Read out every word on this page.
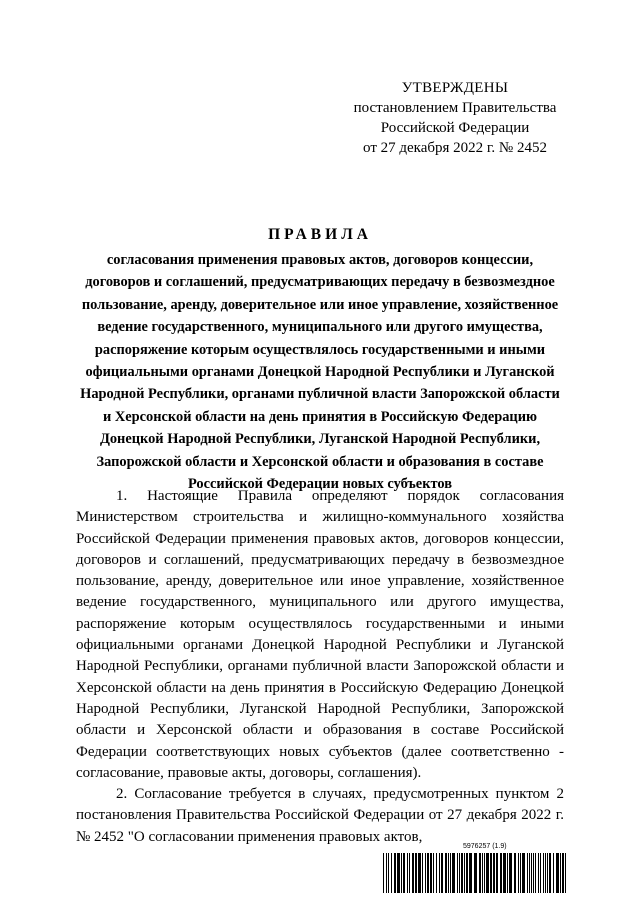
УТВЕРЖДЕНЫ
постановлением Правительства
Российской Федерации
от 27 декабря 2022 г. № 2452
ПРАВИЛА
согласования применения правовых актов, договоров концессии, договоров и соглашений, предусматривающих передачу в безвозмездное пользование, аренду, доверительное или иное управление, хозяйственное ведение государственного, муниципального или другого имущества, распоряжение которым осуществлялось государственными и иными официальными органами Донецкой Народной Республики и Луганской Народной Республики, органами публичной власти Запорожской области и Херсонской области на день принятия в Российскую Федерацию Донецкой Народной Республики, Луганской Народной Республики, Запорожской области и Херсонской области и образования в составе Российской Федерации новых субъектов

1. Настоящие Правила определяют порядок согласования Министерством строительства и жилищно-коммунального хозяйства Российской Федерации применения правовых актов, договоров концессии, договоров и соглашений, предусматривающих передачу в безвозмездное пользование, аренду, доверительное или иное управление, хозяйственное ведение государственного, муниципального или другого имущества, распоряжение которым осуществлялось государственными и иными официальными органами Донецкой Народной Республики и Луганской Народной Республики, органами публичной власти Запорожской области и Херсонской области на день принятия в Российскую Федерацию Донецкой Народной Республики, Луганской Народной Республики, Запорожской области и Херсонской области и образования в составе Российской Федерации соответствующих новых субъектов (далее соответственно - согласование, правовые акты, договоры, соглашения).

2. Согласование требуется в случаях, предусмотренных пунктом 2 постановления Правительства Российской Федерации от 27 декабря 2022 г. № 2452 "О согласовании применения правовых актов,

5976257 (1.9)
